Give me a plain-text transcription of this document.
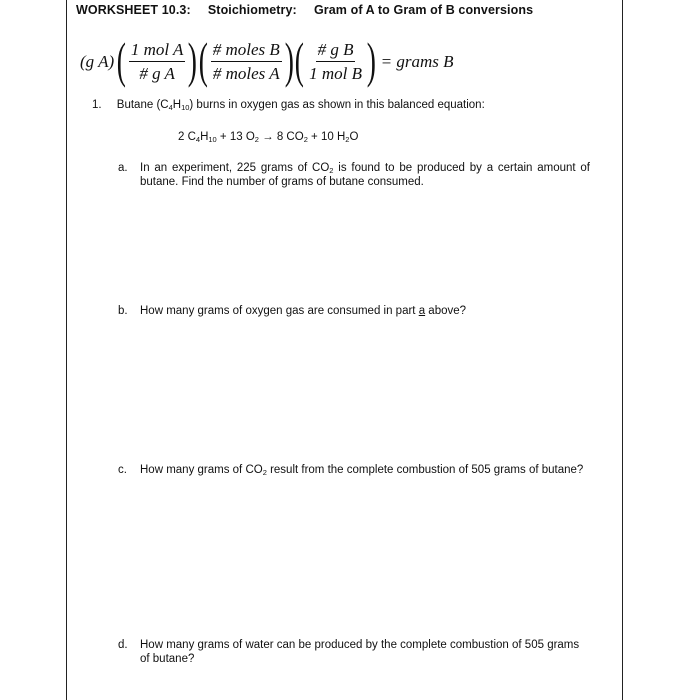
WORKSHEET 10.3: Stoichiometry: Gram of A to Gram of B conversions
(g A) ( $\frac{\text{1 mol A}}{\text{\# g A}}$ ) ( $\frac{\text{\# moles B}}{\text{\# moles A}}$ ) ( $\frac{\text{\# g B}}{\text{1 mol B}}$ ) = grams B
1. Butane $(C_4H_{10})$ burns in oxygen gas as shown in this balanced equation:
2 $C_4H_{10} + 13$ $O_2 \to 8$ $CO_2 + 10$ $H_2O$
a. In an experiment, 225 grams of $CO_2$ is found to be produced by a certain amount of butane. Find the number of grams of butane consumed.
b. How many grams of oxygen gas are consumed in part a above?
c. How many grams of $CO_2$ result from the complete combustion of 505 grams of butane?
d. How many grams of water can be produced by the complete combustion of 505 grams of butane?
